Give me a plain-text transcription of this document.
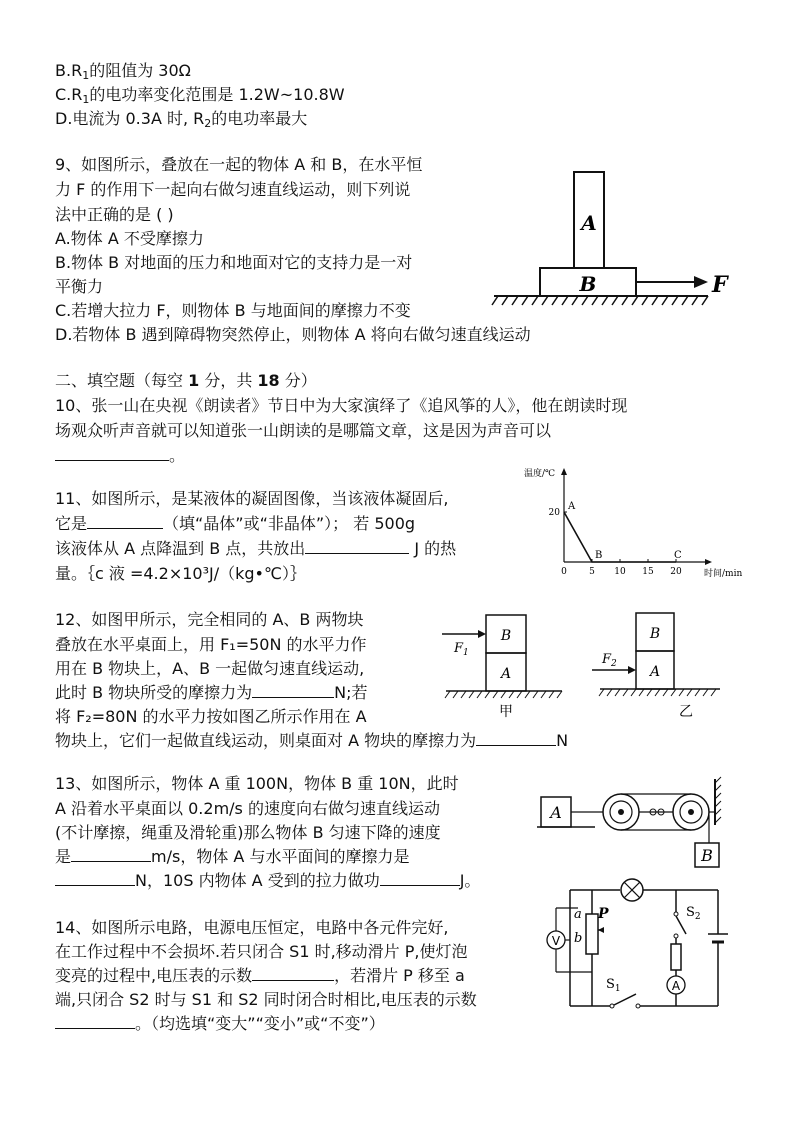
$B.R_1$的阻值为 30Ω
$C.R_1$的电功率变化范围是 1.2W~10.8W
D.电流为 0.3A 时, $R_2$的电功率最大
9、如图所示，叠放在一起的物体 A 和 B，在水平恒
力 F 的作用下一起向右做匀速直线运动，则下列说
法中正确的是 ( )
A.物体 A 不受摩擦力
B.物体 B 对地面的压力和地面对它的支持力是一对
平衡力
C.若增大拉力 F，则物体 B 与地面间的摩擦力不变
D.若物体 B 遇到障碍物突然停止，则物体 A 将向右做匀速直线运动
A
B	F
二、填空题（每空 1 分，共 18 分）
10、张一山在央视《朗读者》节日中为大家演绎了《追风筝的人》，他在朗读时现
场观众听声音就可以知道张一山朗读的是哪篇文章，这是因为声音可以
。
11、如图所示，是某液体的凝固图像，当该液体凝固后,
它是	（填“晶体”或“非晶体”）； 若 500g
该液体从 A 点降温到 B 点，共放出	J 的热
量。｛c 液 =4.2×10³J/（kg•℃）｝
温度/℃
时间/min
0 5 10 15 20
20
A
B	C
12、如图甲所示，完全相同的 A、B 两物块
叠放在水平桌面上，用 F₁=50N 的水平力作
用在 B 物块上，A、B 一起做匀速直线运动,
此时 B 物块所受的摩擦力为	N;若
将 F₂=80N 的水平力按如图乙所示作用在 A
物块上，它们一起做直线运动，则桌面对 A 物块的摩擦力为	N
B
A
$F_1$
甲
B
A
$F_2$
乙
13、如图所示，物体 A 重 100N，物体 B 重 10N，此时
A 沿着水平桌面以 0.2m/s 的速度向右做匀速直线运动
(不计摩擦，绳重及滑轮重)那么物体 B 匀速下降的速度
是	m/s，物体 A 与水平面间的摩擦力是
N，10S 内物体 A 受到的拉力做功	J。
A
B
14、如图所示电路，电源电压恒定，电路中各元件完好,
在工作过程中不会损坏.若只闭合 S1 时,移动滑片 P,使灯泡
变亮的过程中,电压表的示数	，若滑片 P 移至 a
端,只闭合 S2 时与 S1 和 S2 同时闭合时相比,电压表的示数
。（均选填“变大”“变小”或“不变”）
$S_1$
V
P
a
b
$S_2$
A
